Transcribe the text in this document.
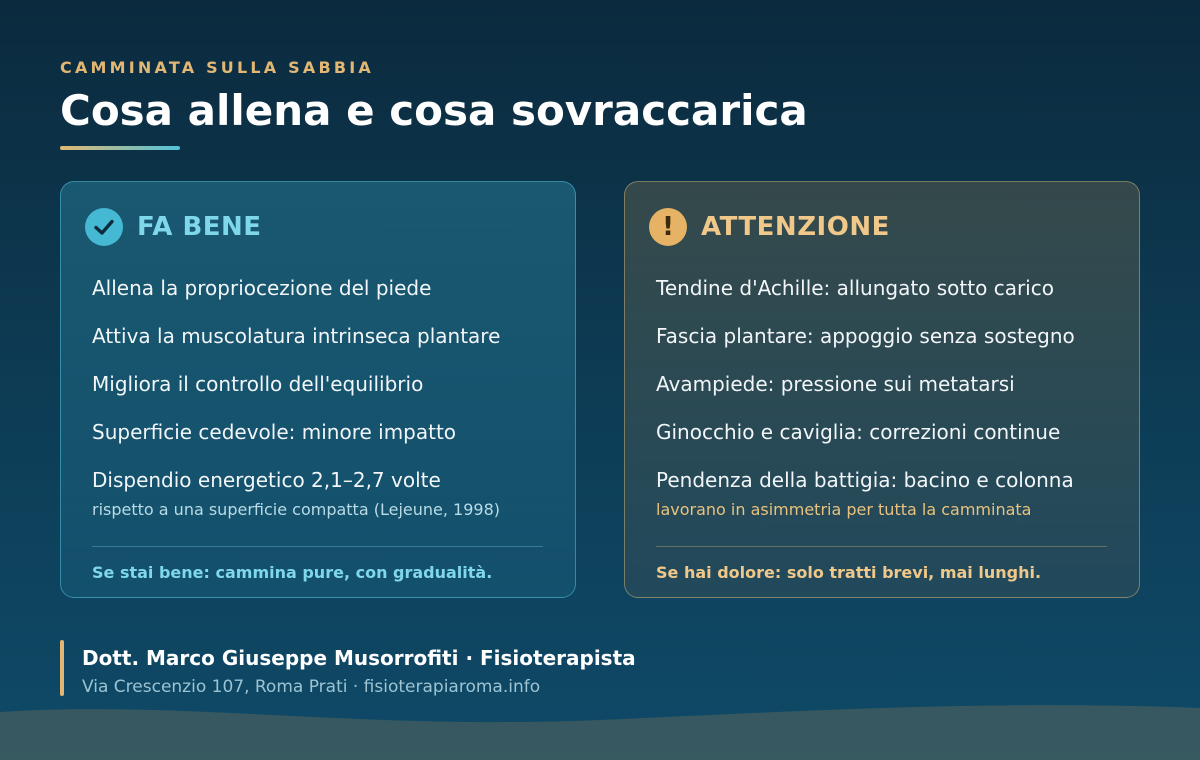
CAMMINATA SULLA SABBIA
Cosa allena e cosa sovraccarica
FA BENE
Allena la propriocezione del piede
Attiva la muscolatura intrinseca plantare
Migliora il controllo dell'equilibrio
Superficie cedevole: minore impatto
Dispendio energetico 2,1–2,7 volte
rispetto a una superficie compatta (Lejeune, 1998)
Se stai bene: cammina pure, con gradualità.
!	ATTENZIONE
Tendine d'Achille: allungato sotto carico
Fascia plantare: appoggio senza sostegno
Avampiede: pressione sui metatarsi
Ginocchio e caviglia: correzioni continue
Pendenza della battigia: bacino e colonna
lavorano in asimmetria per tutta la camminata
Se hai dolore: solo tratti brevi, mai lunghi.
Dott. Marco Giuseppe Musorrofiti · Fisioterapista
Via Crescenzio 107, Roma Prati · fisioterapiaroma.info
